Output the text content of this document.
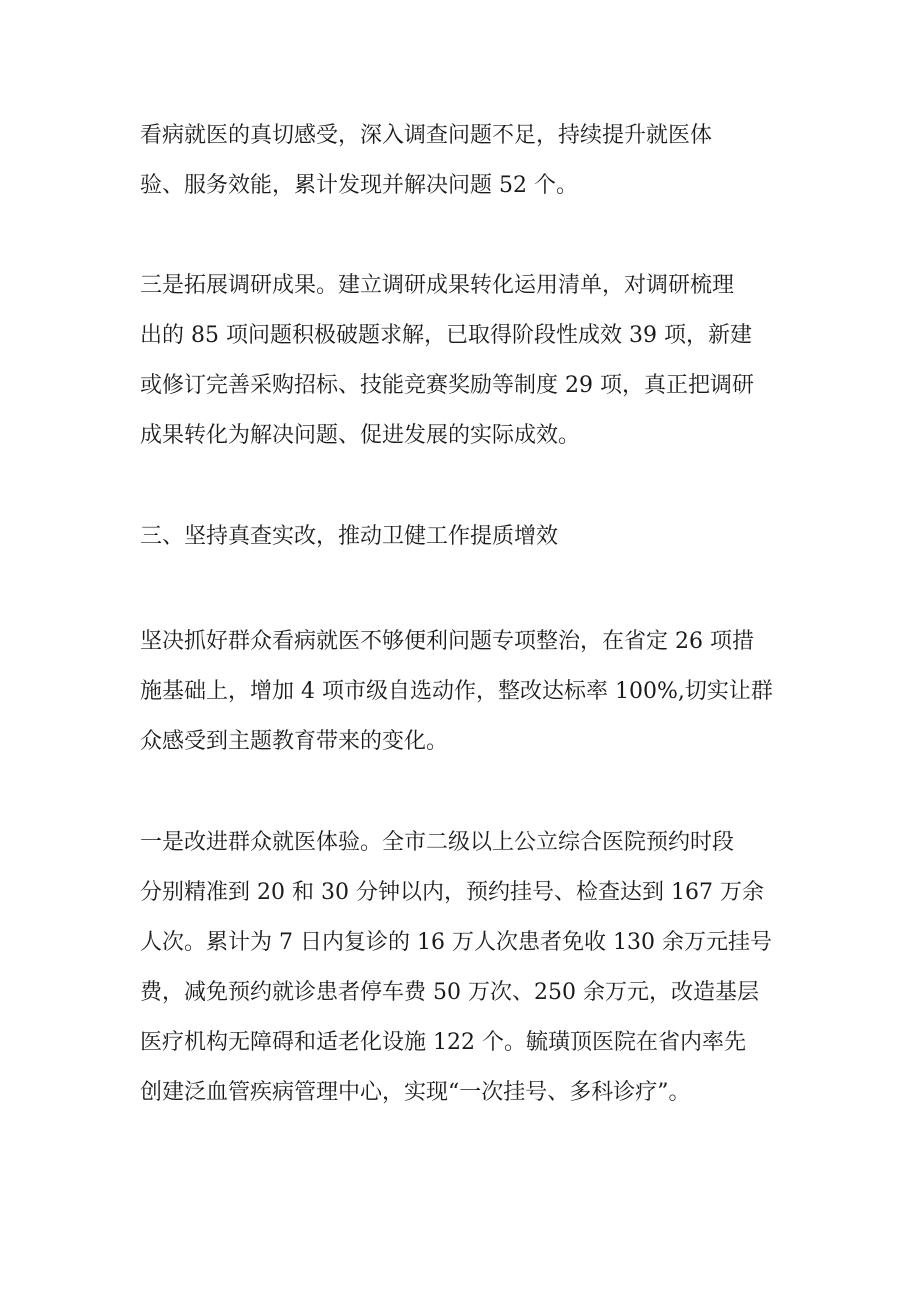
看病就医的真切感受，深入调查问题不足，持续提升就医体
验、服务效能，累计发现并解决问题 52 个。

三是拓展调研成果。建立调研成果转化运用清单，对调研梳理
出的 85 项问题积极破题求解，已取得阶段性成效 39 项，新建
或修订完善采购招标、技能竞赛奖励等制度 29 项，真正把调研
成果转化为解决问题、促进发展的实际成效。

三、坚持真查实改，推动卫健工作提质增效

坚决抓好群众看病就医不够便利问题专项整治，在省定 26 项措
施基础上，增加 4 项市级自选动作，整改达标率 100%,切实让群
众感受到主题教育带来的变化。

一是改进群众就医体验。全市二级以上公立综合医院预约时段
分别精准到 20 和 30 分钟以内，预约挂号、检查达到 167 万余
人次。累计为 7 日内复诊的 16 万人次患者免收 130 余万元挂号
费，减免预约就诊患者停车费 50 万次、250 余万元，改造基层
医疗机构无障碍和适老化设施 122 个。毓璜顶医院在省内率先
创建泛血管疾病管理中心，实现“一次挂号、多科诊疗”。
